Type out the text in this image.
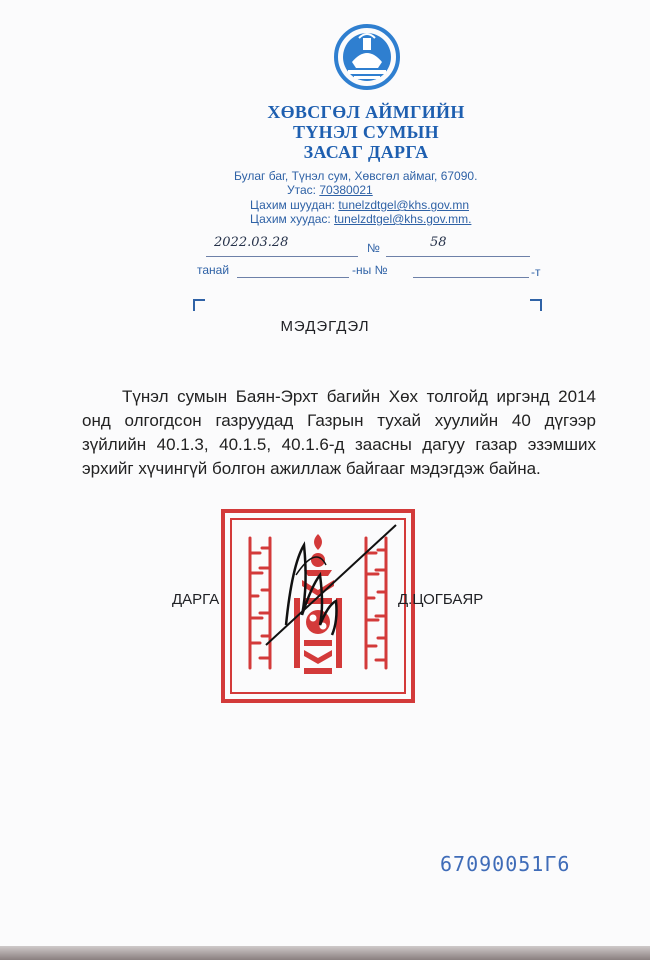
ХӨВСГӨЛ АЙМГИЙН
ТҮНЭЛ СУМЫН
ЗАСАГ ДАРГА
Булаг баг, Түнэл сум, Хөвсгөл аймаг, 67090.
Утас: 70380021
Цахим шуудан: tunelzdtgel@khs.gov.mn
Цахим хуудас: tunelzdtgel@khs.gov.mm.
2022.03.28	№	58
танай	-ны №	-т
МЭДЭГДЭЛ

Түнэл сумын Баян-Эрхт багийн Хөх толгойд иргэнд 2014 онд олгогдсон газруудад Газрын тухай хуулийн 40 дүгээр зүйлийн 40.1.3, 40.1.5, 40.1.6-д заасны дагуу газар эзэмших эрхийг хүчингүй болгон ажиллаж байгааг мэдэгдэж байна.

ДАРГА	Д.ЦОГБАЯР
67090051Г6
